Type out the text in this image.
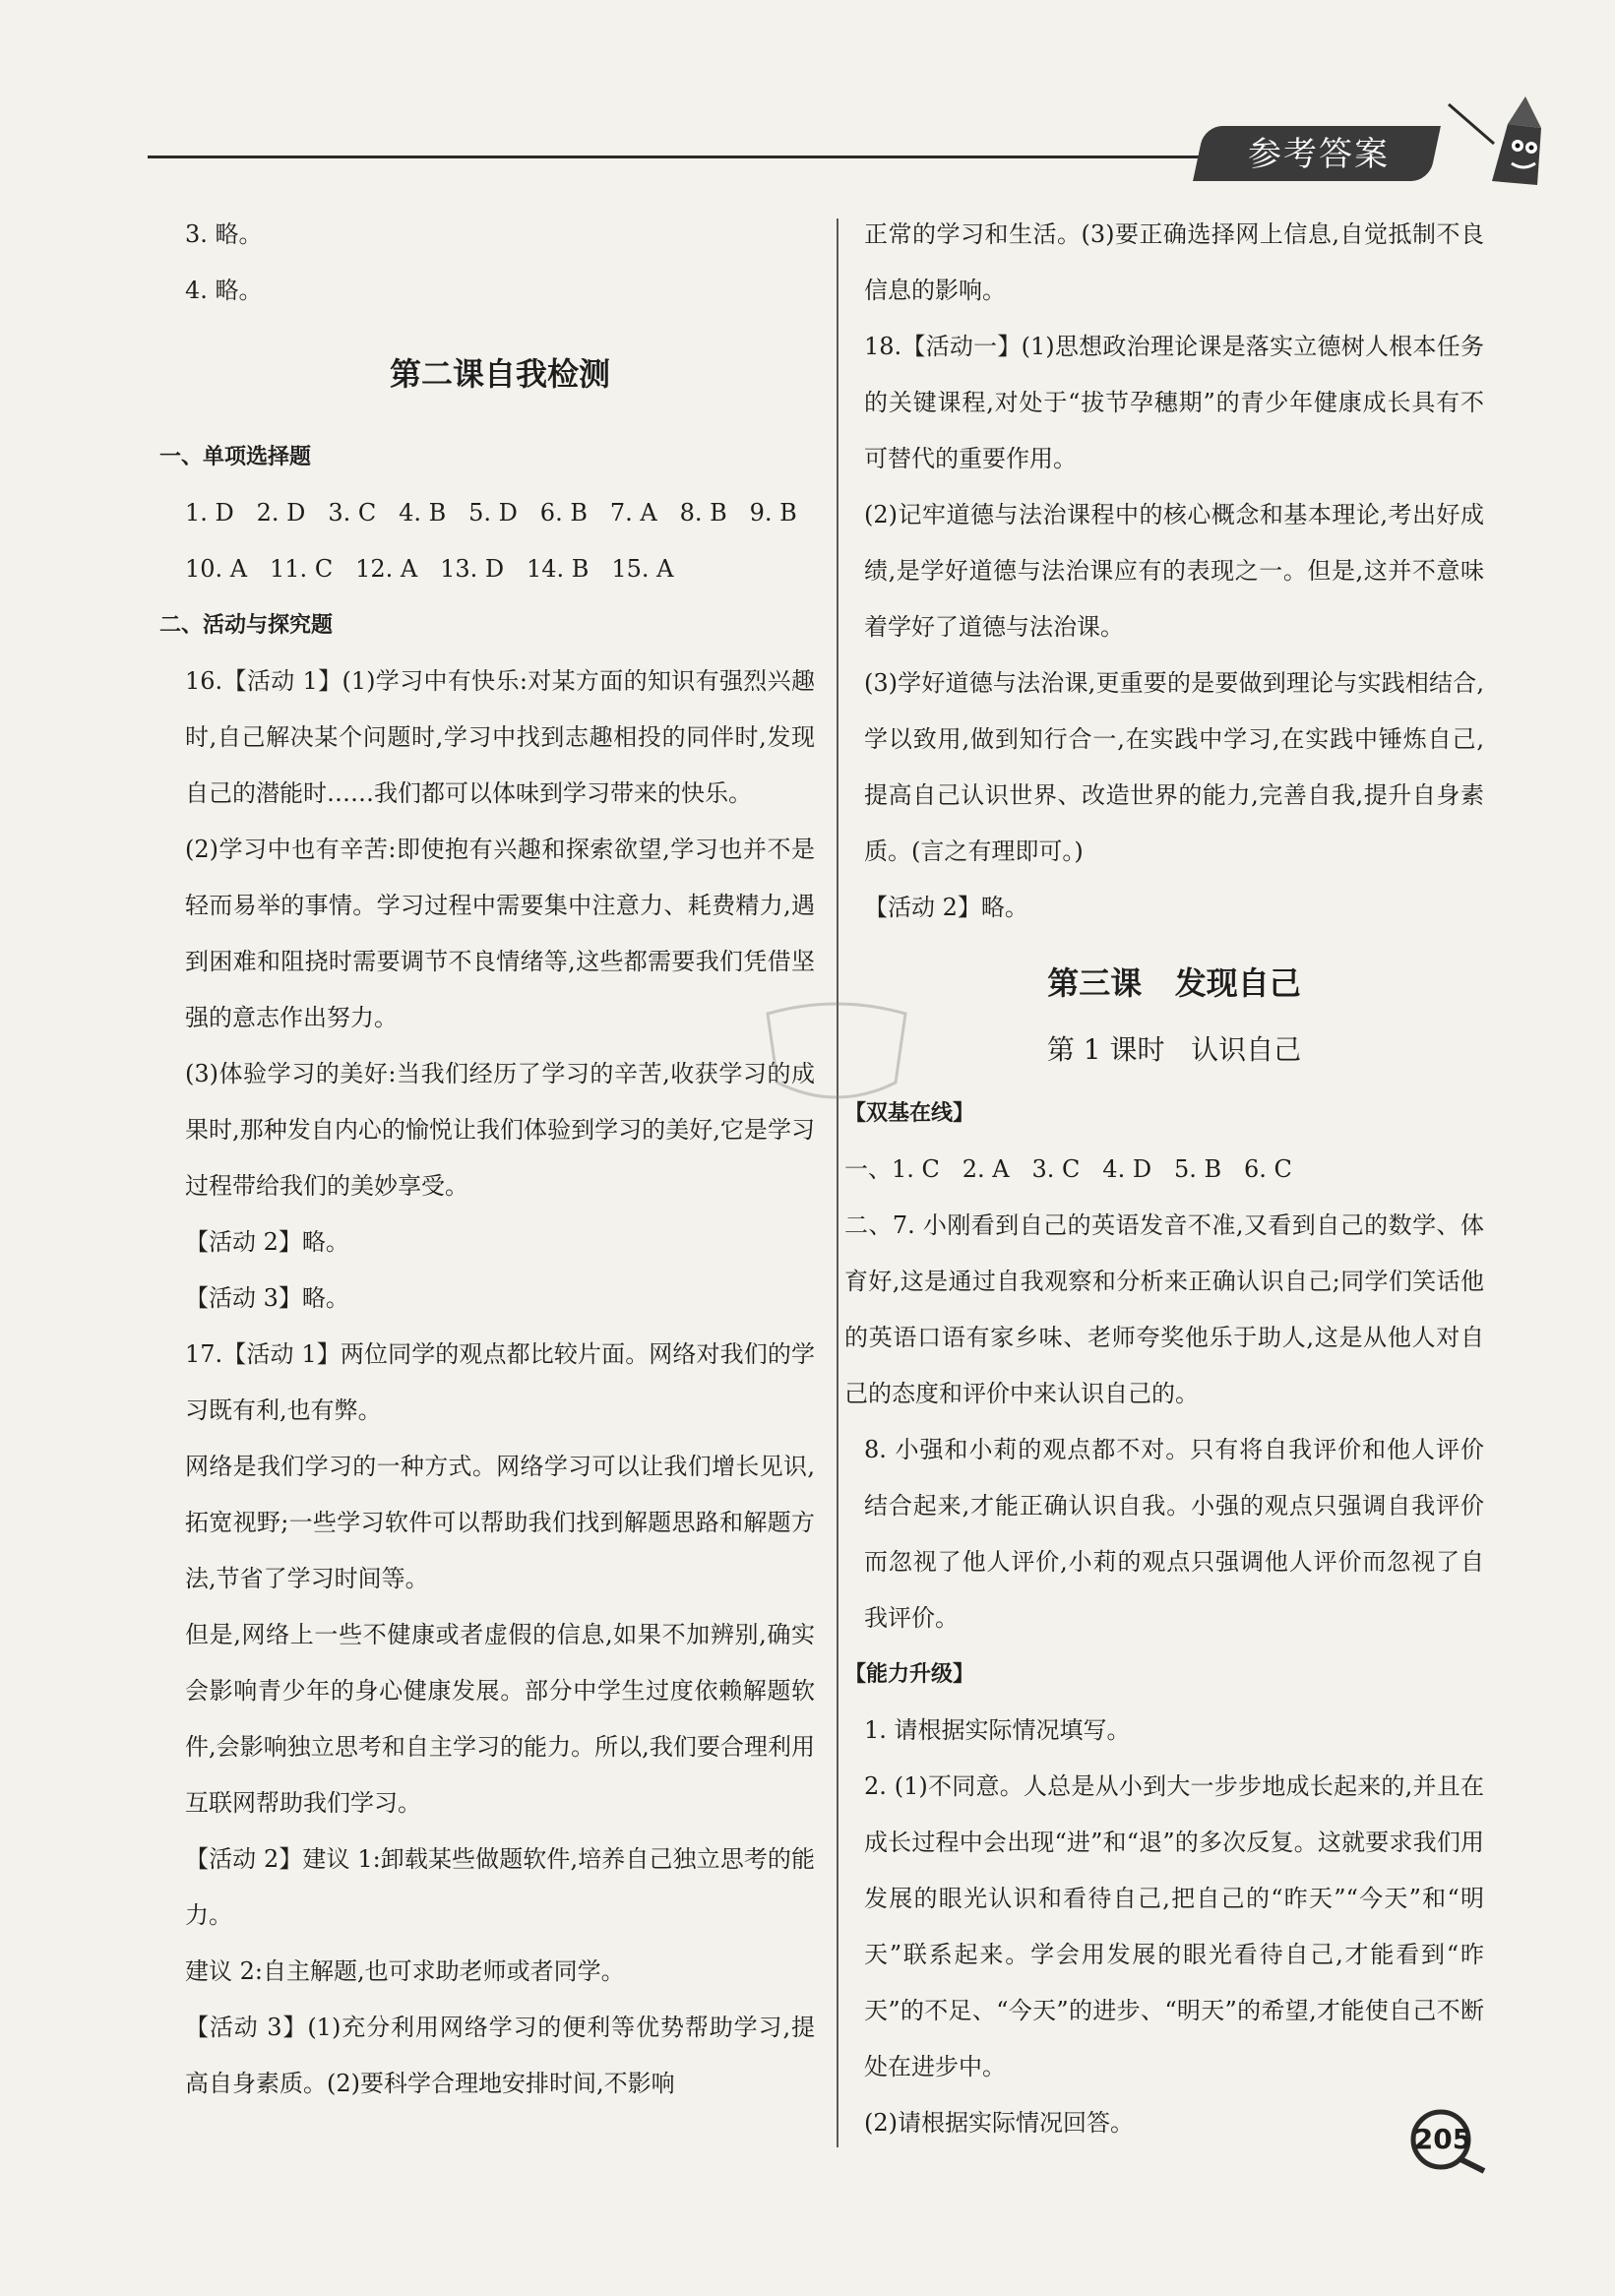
参考答案

3. 略。

4. 略。

第二课自我检测

一、单项选择题

1. D   2. D   3. C   4. B   5. D   6. B   7. A   8. B   9. B

10. A   11. C   12. A   13. D   14. B   15. A

二、活动与探究题

16.【活动 1】(1)学习中有快乐:对某方面的知识有强烈兴趣时,自己解决某个问题时,学习中找到志趣相投的同伴时,发现自己的潜能时……我们都可以体味到学习带来的快乐。

(2)学习中也有辛苦:即使抱有兴趣和探索欲望,学习也并不是轻而易举的事情。学习过程中需要集中注意力、耗费精力,遇到困难和阻挠时需要调节不良情绪等,这些都需要我们凭借坚强的意志作出努力。

(3)体验学习的美好:当我们经历了学习的辛苦,收获学习的成果时,那种发自内心的愉悦让我们体验到学习的美好,它是学习过程带给我们的美妙享受。

【活动 2】略。

【活动 3】略。

17.【活动 1】两位同学的观点都比较片面。网络对我们的学习既有利,也有弊。

网络是我们学习的一种方式。网络学习可以让我们增长见识,拓宽视野;一些学习软件可以帮助我们找到解题思路和解题方法,节省了学习时间等。

但是,网络上一些不健康或者虚假的信息,如果不加辨别,确实会影响青少年的身心健康发展。部分中学生过度依赖解题软件,会影响独立思考和自主学习的能力。所以,我们要合理利用互联网帮助我们学习。

【活动 2】建议 1:卸载某些做题软件,培养自己独立思考的能力。

建议 2:自主解题,也可求助老师或者同学。

【活动 3】(1)充分利用网络学习的便利等优势帮助学习,提高自身素质。(2)要科学合理地安排时间,不影响

正常的学习和生活。(3)要正确选择网上信息,自觉抵制不良信息的影响。

18.【活动一】(1)思想政治理论课是落实立德树人根本任务的关键课程,对处于“拔节孕穗期”的青少年健康成长具有不可替代的重要作用。

(2)记牢道德与法治课程中的核心概念和基本理论,考出好成绩,是学好道德与法治课应有的表现之一。但是,这并不意味着学好了道德与法治课。

(3)学好道德与法治课,更重要的是要做到理论与实践相结合,学以致用,做到知行合一,在实践中学习,在实践中锤炼自己,提高自己认识世界、改造世界的能力,完善自我,提升自身素质。(言之有理即可。)

【活动 2】略。

第三课   发现自己
第 1 课时   认识自己

【双基在线】

一、1. C   2. A   3. C   4. D   5. B   6. C

二、7. 小刚看到自己的英语发音不准,又看到自己的数学、体育好,这是通过自我观察和分析来正确认识自己;同学们笑话他的英语口语有家乡味、老师夸奖他乐于助人,这是从他人对自己的态度和评价中来认识自己的。

8. 小强和小莉的观点都不对。只有将自我评价和他人评价结合起来,才能正确认识自我。小强的观点只强调自我评价而忽视了他人评价,小莉的观点只强调他人评价而忽视了自我评价。

【能力升级】

1. 请根据实际情况填写。

2. (1)不同意。人总是从小到大一步步地成长起来的,并且在成长过程中会出现“进”和“退”的多次反复。这就要求我们用发展的眼光认识和看待自己,把自己的“昨天”“今天”和“明天”联系起来。学会用发展的眼光看待自己,才能看到“昨天”的不足、“今天”的进步、“明天”的希望,才能使自己不断处在进步中。

(2)请根据实际情况回答。	205
